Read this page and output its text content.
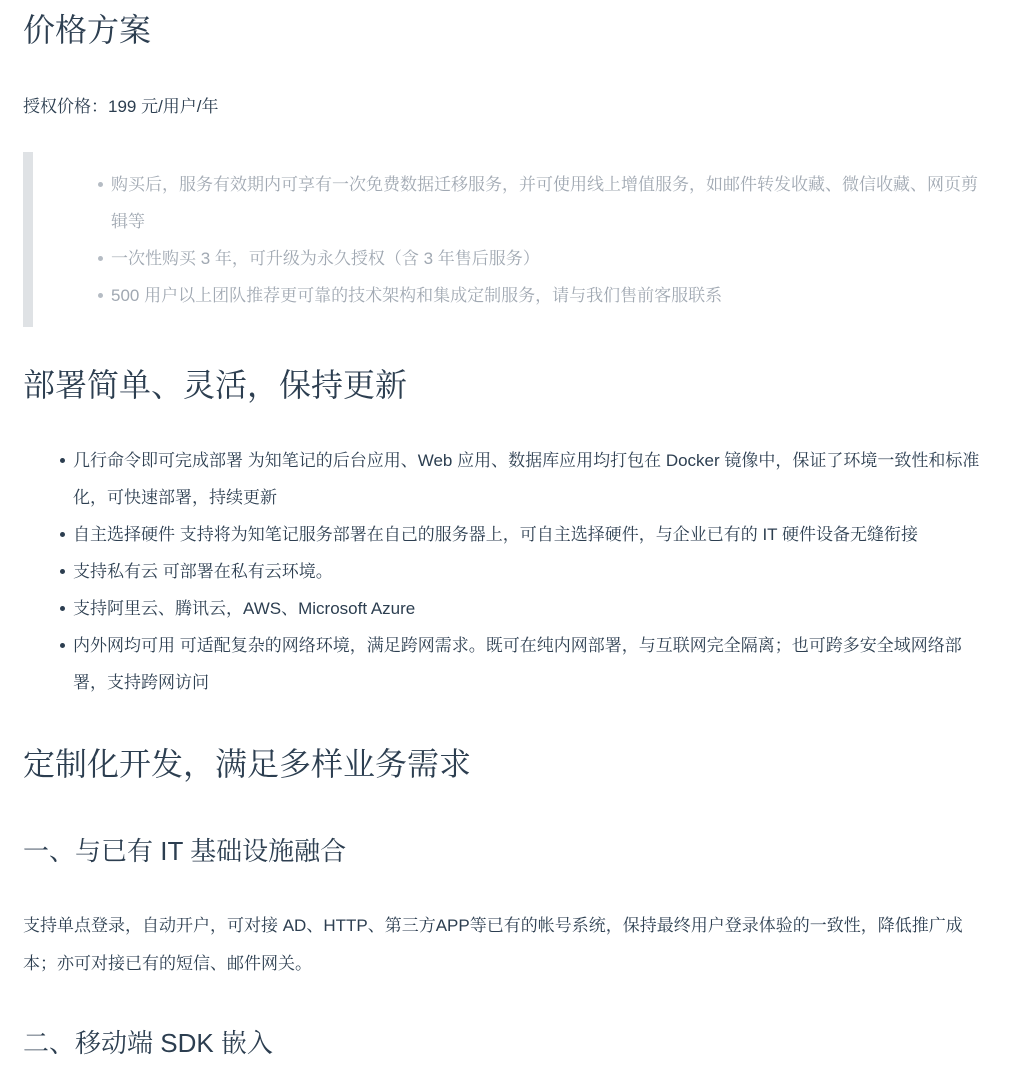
价格方案

授权价格：199 元/用户/年

购买后，服务有效期内可享有一次免费数据迁移服务，并可使用线上增值服务，如邮件转发收藏、微信收藏、网页剪辑等
一次性购买 3 年，可升级为永久授权（含 3 年售后服务）
500 用户以上团队推荐更可靠的技术架构和集成定制服务，请与我们售前客服联系
部署简单、灵活，保持更新
几行命令即可完成部署 为知笔记的后台应用、Web 应用、数据库应用均打包在 Docker 镜像中，保证了环境一致性和标准化，可快速部署，持续更新
自主选择硬件 支持将为知笔记服务部署在自己的服务器上，可自主选择硬件，与企业已有的 IT 硬件设备无缝衔接
支持私有云 可部署在私有云环境。
支持阿里云、腾讯云，AWS、Microsoft Azure
内外网均可用 可适配复杂的网络环境，满足跨网需求。既可在纯内网部署，与互联网完全隔离；也可跨多安全域网络部署，支持跨网访问
定制化开发，满足多样业务需求
一、与已有 IT 基础设施融合

支持单点登录，自动开户，可对接 AD、HTTP、第三方APP等已有的帐号系统，保持最终用户登录体验的一致性，降低推广成本；亦可对接已有的短信、邮件网关。

二、移动端 SDK 嵌入
